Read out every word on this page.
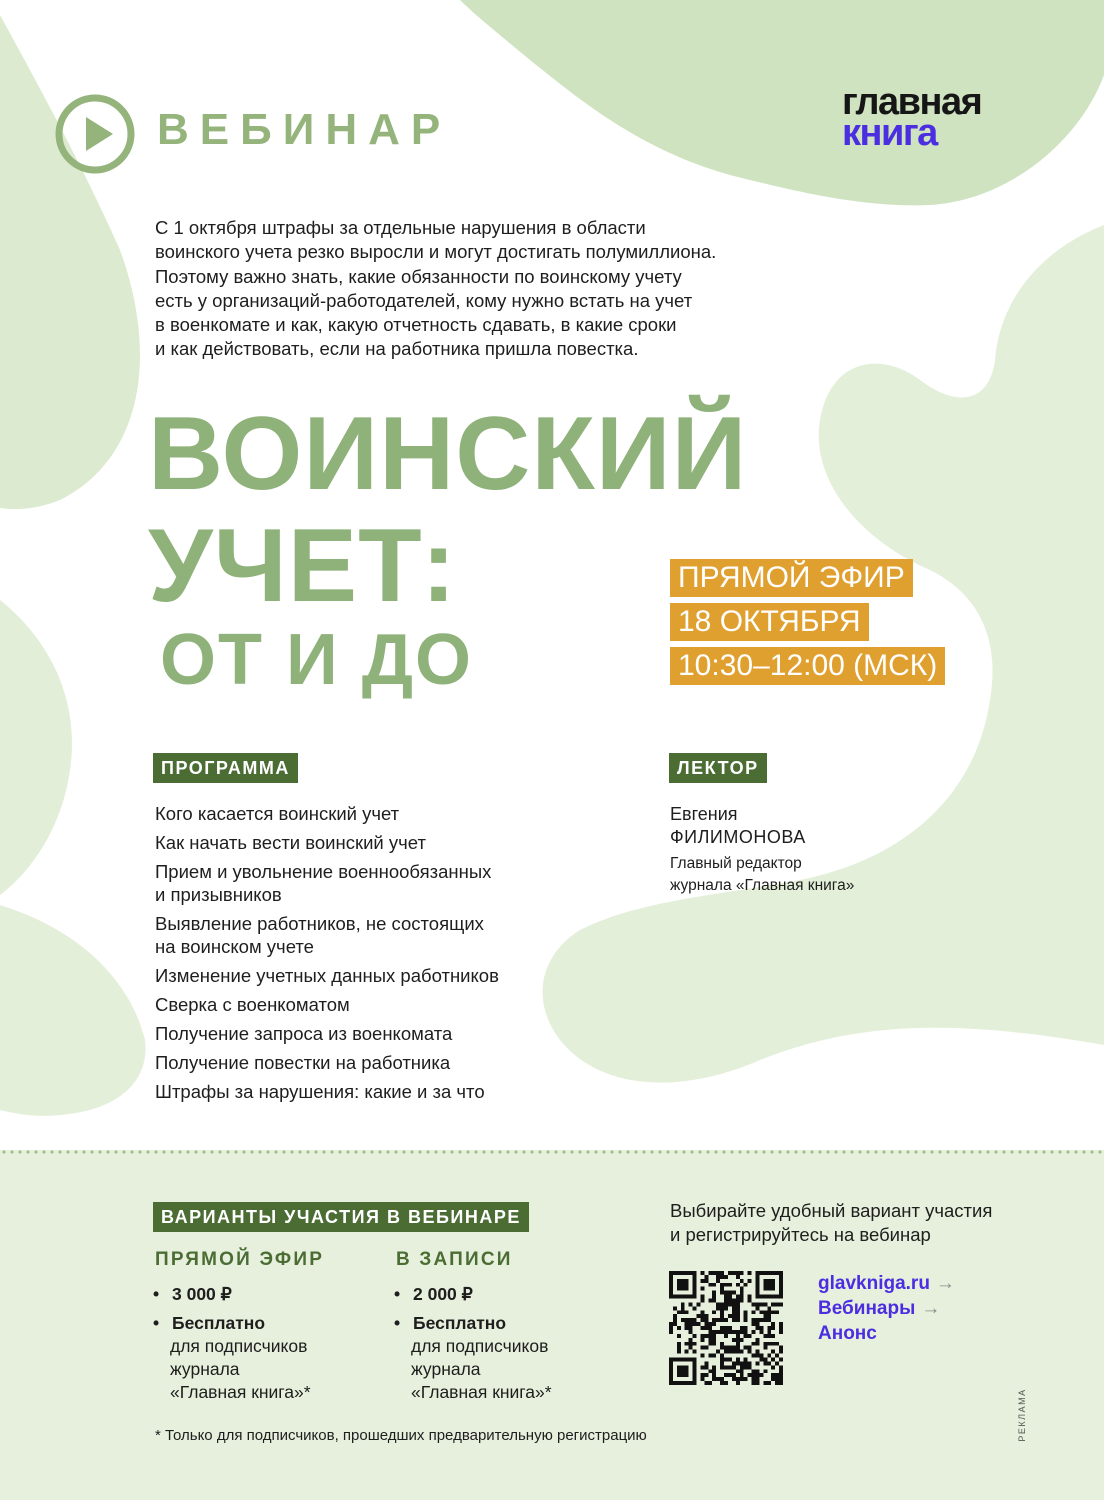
ВЕБИНАР
главная
книга
С 1 октября штрафы за отдельные нарушения в области
воинского учета резко выросли и могут достигать полумиллиона.
Поэтому важно знать, какие обязанности по воинскому учету
есть у организаций-работодателей, кому нужно встать на учет
в военкомате и как, какую отчетность сдавать, в какие сроки
и как действовать, если на работника пришла повестка.
ВОИНСКИЙ
УЧЕТ:
ОТ И ДО
ПРЯМОЙ ЭФИР
18 ОКТЯБРЯ
10:30–12:00 (МСК)
ПРОГРАММА
Кого касается воинский учет
Как начать вести воинский учет
Прием и увольнение военнообязанных
и призывников
Выявление работников, не состоящих
на воинском учете
Изменение учетных данных работников
Сверка с военкоматом
Получение запроса из военкомата
Получение повестки на работника
Штрафы за нарушения: какие и за что
ЛЕКТОР
Евгения
ФИЛИМОНОВА
Главный редактор
журнала «Главная книга»
ВАРИАНТЫ УЧАСТИЯ В ВЕБИНАРЕ
ПРЯМОЙ ЭФИР	В ЗАПИСИ
• 3 000 ₽
• Бесплатно
для подписчиков
журнала
«Главная книга»*
• 2 000 ₽
• Бесплатно
для подписчиков
журнала
«Главная книга»*
* Только для подписчиков, прошедших предварительную регистрацию
Выбирайте удобный вариант участия
и регистрируйтесь на вебинар
glavkniga.ru →
Вебинары →
Анонс
РЕКЛАМА
